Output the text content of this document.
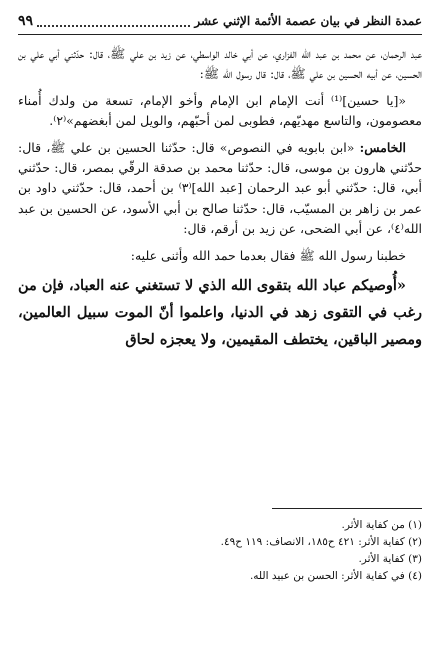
عمدة النظر في بيان عصمة الأئمة الإثني عشر
٩٩

عبد الرحمان، عن محمد بن عبد الله الفزاري، عن أبي خالد الواسطي، عن زيد بن علي ﷺ، قال: حدّثني أبي علي بن الحسين، عن أبيه الحسين بن علي ﷺ، قال: قال رسول الله ﷺ:

«[يا حسين]⁽¹⁾ أنت الإمام ابن الإمام وأخو الإمام، تسعة من ولدك أُمناء معصومون، والتاسع مهديّهم، فطوبى لمن أحبّهم، والويل لمن أبغضهم»⁽٢⁾.

الخامس: «ابن بابويه في النصوص» قال: حدّثنا الحسين بن علي ﷺ، قال: حدّثني هارون بن موسى، قال: حدّثنا محمد بن صدقة الرقّي بمصر، قال: حدّثني أبي، قال: حدّثني أبو عبد الرحمان [عبد الله]⁽٣⁾ بن أحمد، قال: حدّثني داود بن عمر بن زاهر بن المسيّب، قال: حدّثنا صالح بن أبي الأسود، عن الحسين بن عبد الله⁽٤⁾، عن أبي الضحى، عن زيد بن أرقم، قال:

خطبنا رسول الله ﷺ فقال بعدما حمد الله وأثنى عليه:

«أُوصيكم عباد الله بتقوى الله الذي لا تستغني عنه العباد، فإن من رغب في التقوى زهد في الدنيا، واعلموا أنّ الموت سبيل العالمين، ومصير الباقين، يختطف المقيمين، ولا يعجزه لحاق

(١) من كفاية الأثر.
(٢) كفاية الأثر: ٤٢١ ح١٨٥، الانصاف: ١١٩ ح٤٩.
(٣) كفاية الأثر.
(٤) في كفاية الأثر: الحسن بن عبيد الله.
